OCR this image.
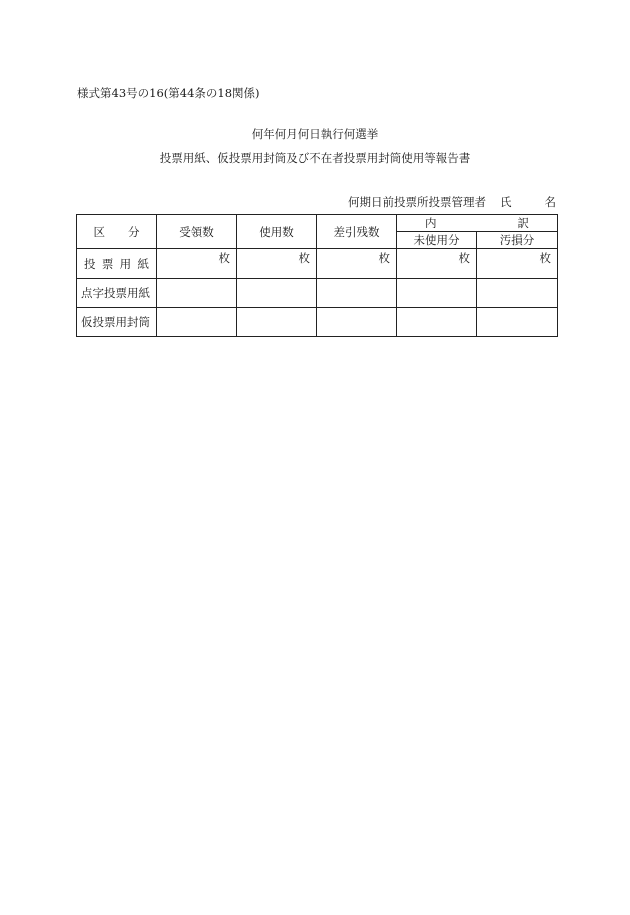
様式第43号の16(第44条の18関係)
何年何月何日執行何選挙
投票用紙、仮投票用封筒及び不在者投票用封筒使用等報告書
何期日前投票所投票管理者 氏	名
区　　分	受領数	使用数	差引残数	内 訳	

				未使用分	汚損分
投票用紙	枚	枚	枚	枚	枚
点字投票用紙					
仮投票用封筒					
